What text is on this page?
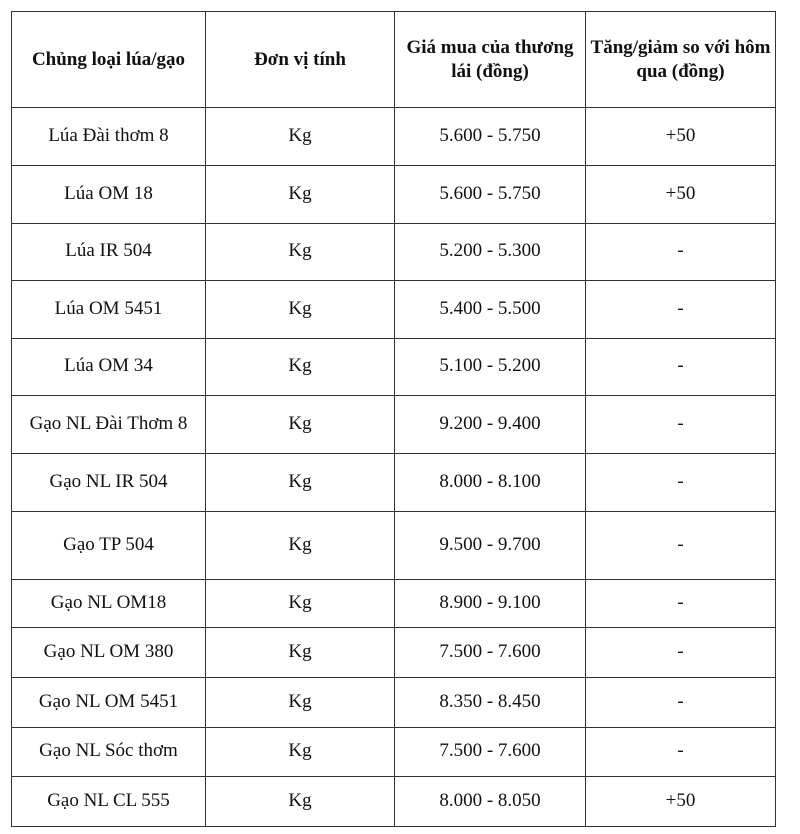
Chủng loại lúa/gạo	Đơn vị tính	Giá mua của thương lái (đồng)	Tăng/giảm so với hôm qua (đồng)
Lúa Đài thơm 8	Kg	5.600 - 5.750	+50
Lúa OM 18	Kg	5.600 - 5.750	+50
Lúa IR 504	Kg	5.200 - 5.300	-
Lúa OM 5451	Kg	5.400 - 5.500	-
Lúa OM 34	Kg	5.100 - 5.200	-
Gạo NL Đài Thơm 8	Kg	9.200 - 9.400	-
Gạo NL IR 504	Kg	8.000 - 8.100	-
Gạo TP 504	Kg	9.500 - 9.700	-
Gạo NL OM18	Kg	8.900 - 9.100	-
Gạo NL OM 380	Kg	7.500 - 7.600	-
Gạo NL OM 5451	Kg	8.350 - 8.450	-
Gạo NL Sóc thơm	Kg	7.500 - 7.600	-
Gạo NL CL 555	Kg	8.000 - 8.050	+50
